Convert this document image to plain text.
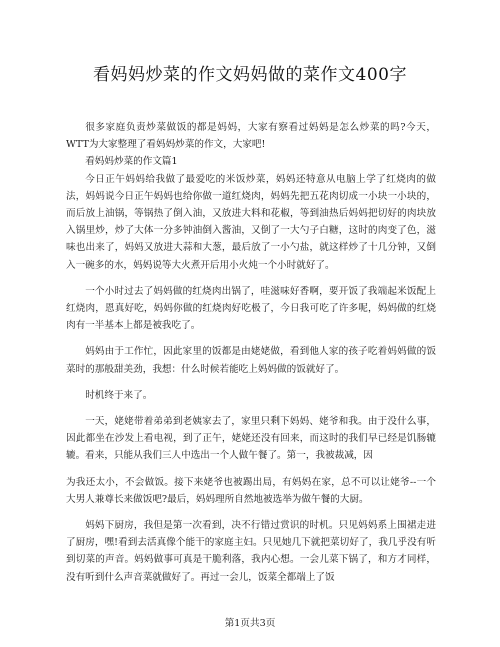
看妈妈炒菜的作文妈妈做的菜作文400字

很多家庭负责炒菜做饭的都是妈妈，大家有察看过妈妈是怎么炒菜的吗?今天，WTT为大家整理了看妈妈炒菜的作文，大家吧!

看妈妈炒菜的作文篇1

今日正午妈妈给我做了最爱吃的米饭炒菜，妈妈还特意从电脑上学了红烧肉的做法，妈妈说今日正午妈妈也给你做一道红烧肉，妈妈先把五花肉切成一小块一小块的，而后放上油锅，等锅热了倒入油，又放进大料和花椒，等到油热后妈妈把切好的肉块放入锅里炒，炒了大体一分多钟油倒入酱油，又倒了一大勺子白糖，这时的肉变了色，滋味也出来了，妈妈又放进大蒜和大葱，最后放了一小勺盐，就这样炒了十几分钟，又倒入一碗多的水，妈妈说等大火煮开后用小火炖一个小时就好了。

一个小时过去了妈妈做的红烧肉出锅了，哇滋味好香啊，要开饭了我端起米饭配上红烧肉，恩真好吃，妈妈你做的红烧肉好吃极了，今日我可吃了许多呢，妈妈做的红烧肉有一半基本上都是被我吃了。

妈妈由于工作忙，因此家里的饭都是由姥姥做，看到他人家的孩子吃着妈妈做的饭菜时的那般甜美劲，我想：什么时候若能吃上妈妈做的饭就好了。

时机终于来了。

一天，姥姥带着弟弟到老姨家去了，家里只剩下妈妈、姥爷和我。由于没什么事，因此都坐在沙发上看电视，到了正午，姥姥还没有回来，而这时的我们早已经是饥肠辘辘。看来，只能从我们三人中选出一个人做午餐了。第一，我被裁减，因

为我还太小，不会做饭。接下来姥爷也被踢出局，有妈妈在家，总不可以让姥爷--一个大男人兼尊长来做饭吧?最后，妈妈理所自然地被选举为做午餐的大厨。

妈妈下厨房，我但是第一次看到，决不行错过赏识的时机。只见妈妈系上围裙走进了厨房，嘿!看到去活真像个能干的家庭主妇。只见她几下就把菜切好了，我几乎没有听到切菜的声音。妈妈做事可真是干脆利落，我内心想。一会儿菜下锅了，和方才同样，没有听到什么声音菜就做好了。再过一会儿，饭菜全都端上了饭

第1页共3页
